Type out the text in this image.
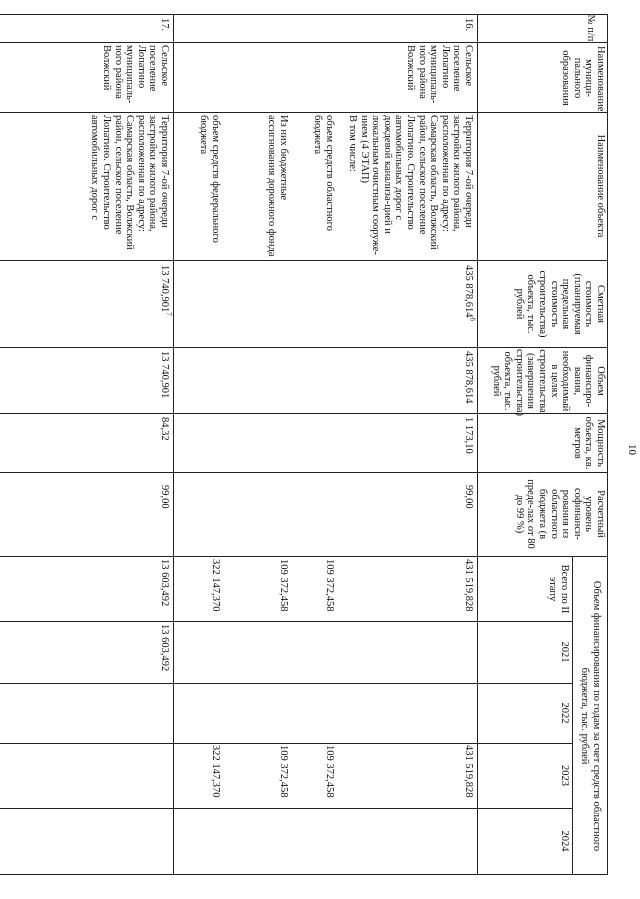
10
№ п/п
Наименование муници-пального образования
Наименование объекта
Сметная стоимость (планируемая предельная стоимость строительства) объекта, тыс. рублей
Объем финансиро-вания, необходимый в целях строительства (завершения строительства) объекта, тыс. рублей
Мощность объекта, кв. метров
Расчетный уровень софинанси-рования из областного бюджета (в преде-лах от 80 до 99 %)
Объем финансирования по годам за счет средств областного бюджета, тыс. рублей
Всего по II этапу
2021
2022
2023
2024
16.
Сельское поселение Лопатино муниципаль-ного района Волжский
Территория 7-ой очереди застройки жилого района, расположенная по адресу: Самарская область, Волжский район, сельское поселение Лопатино. Строительство автомобильных дорог с дождевой канализа-цией и локальным очистным сооруже-нием (4 ЭТАП)
435 878,614$^6$
435 878,614
1 173,10
99,00
431 519,828
431 519,828
В том числе:
объем средств областного бюджета
109 372,458
109 372,458
Из них бюджетные ассигнования дорожного фонда
109 372,458
109 372,458
объем средств федерального бюджета
322 147,370
322 147,370
17.
Сельское поселение Лопатино муниципаль-ного района Волжский
Территория 7-ой очереди застройки жилого района, расположенная по адресу: Самарская область, Волжский район, сельское поселение Лопатино. Строительство автомобильных дорог с
13 740,901$^7$
13 740,901
84,32
99,00
13 603,492
13 603,492
